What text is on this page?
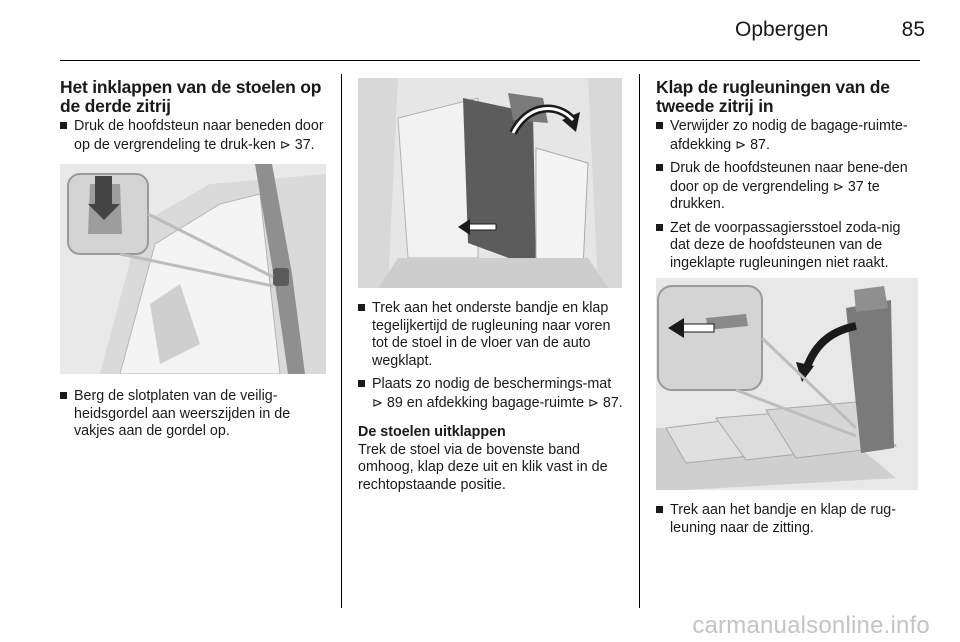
Opbergen	85
Het inklappen van de stoelen op de derde zitrij
Druk de hoofdsteun naar beneden door op de vergrendeling te druk-ken ⊳ 37.
Berg de slotplaten van de veilig-heidsgordel aan weerszijden in de vakjes aan de gordel op.
Trek aan het onderste bandje en klap tegelijkertijd de rugleuning naar voren tot de stoel in de vloer van de auto wegklapt.
Plaats zo nodig de beschermings-mat ⊳ 89 en afdekking bagage-ruimte ⊳ 87.
De stoelen uitklappen

Trek de stoel via de bovenste band omhoog, klap deze uit en klik vast in de rechtopstaande positie.

Klap de rugleuningen van de tweede zitrij in
Verwijder zo nodig de bagage-ruimte-afdekking ⊳ 87.
Druk de hoofdsteunen naar bene-den door op de vergrendeling ⊳ 37 te drukken.
Zet de voorpassagiersstoel zoda-nig dat deze de hoofdsteunen van de ingeklapte rugleuningen niet raakt.
Trek aan het bandje en klap de rug-leuning naar de zitting.
carmanualsonline.info
